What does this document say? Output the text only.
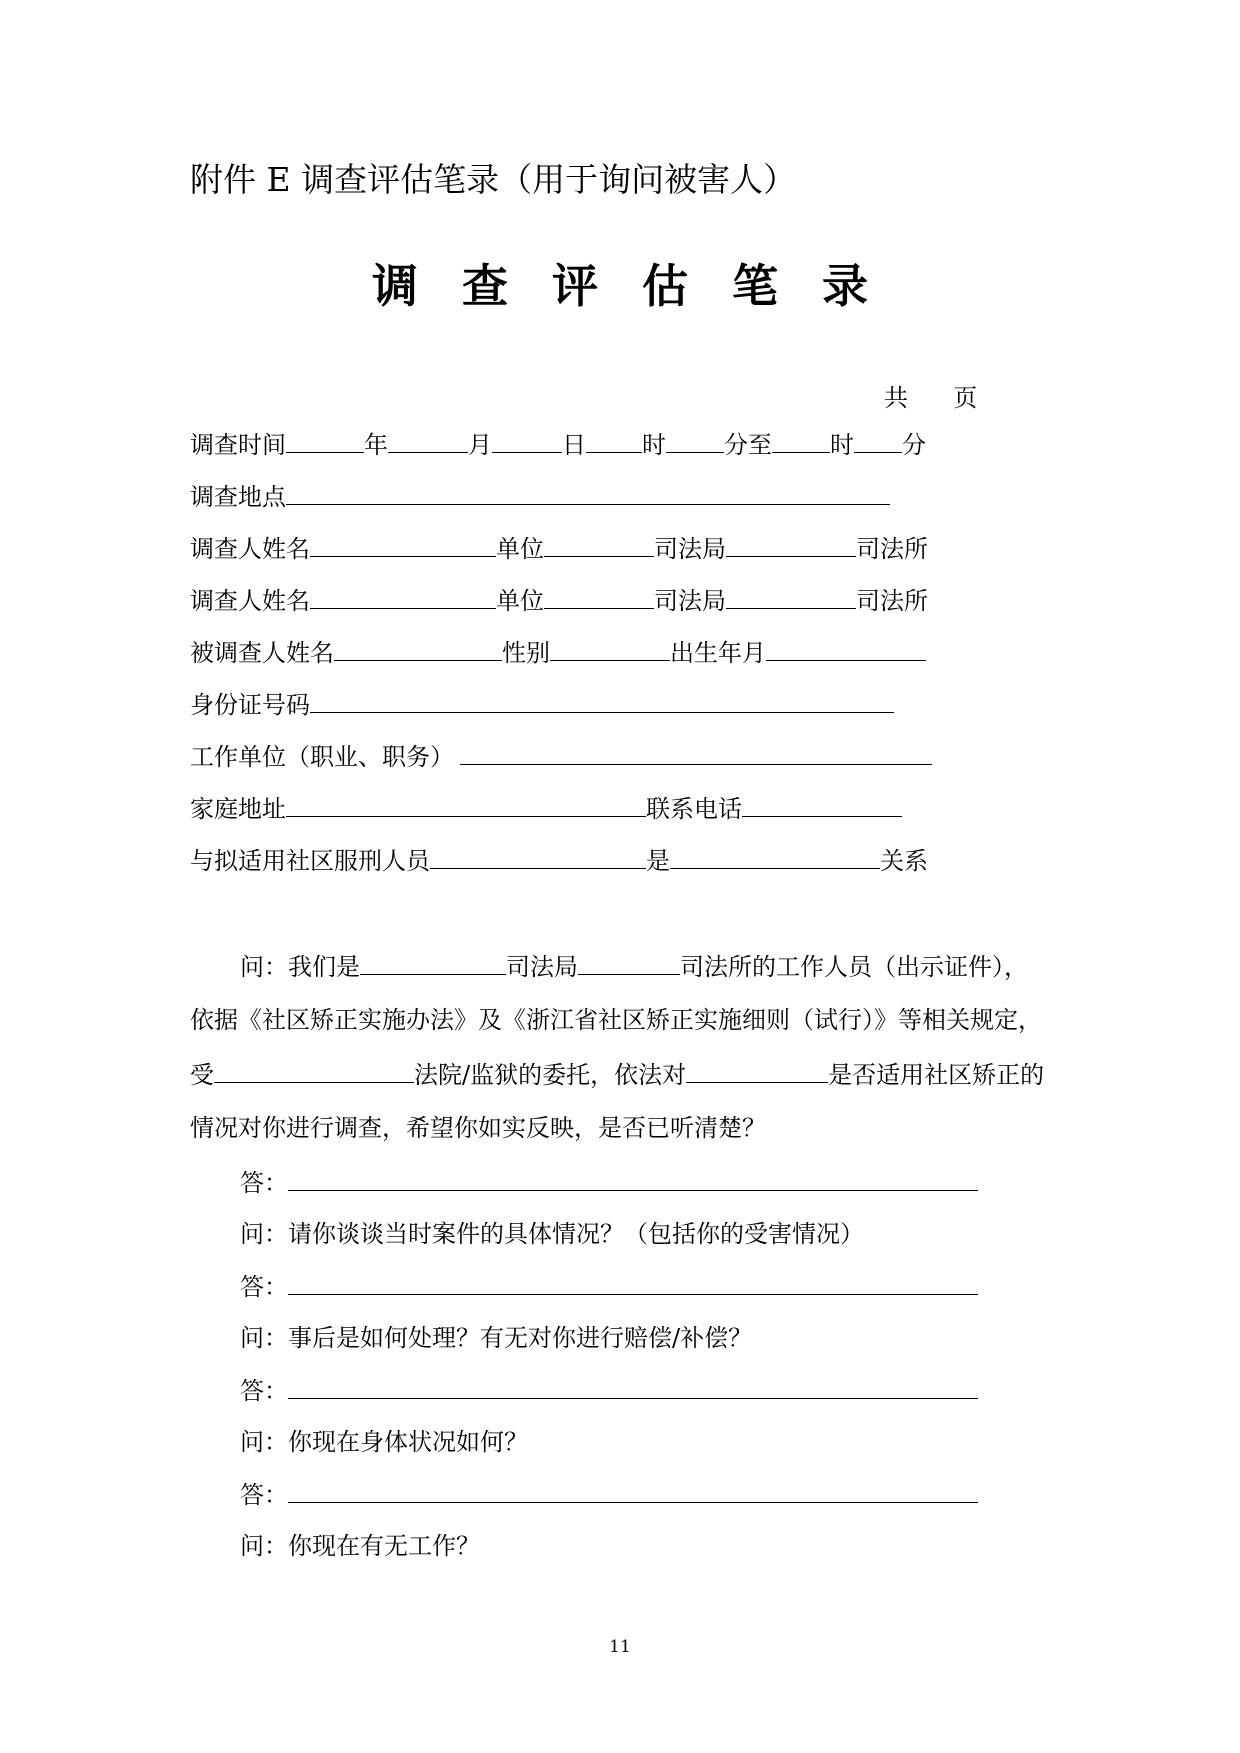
附件 E 调查评估笔录（用于询问被害人）
调查评估笔录
共 页
调查时间	年	月	日 时 分至 时 分
调查地点
调查人姓名	单位	司法局	司法所
调查人姓名	单位	司法局	司法所
被调查人姓名	性别	出生年月
身份证号码
工作单位（职业、职务）
家庭地址	联系电话
与拟适用社区服刑人员	是	关系
问：我们是	司法局	司法所的工作人员（出示证件），
依据《社区矫正实施办法》及《浙江省社区矫正实施细则（试行）》等相关规定，
受	法院/监狱的委托，依法对	是否适用社区矫正的
情况对你进行调查，希望你如实反映，是否已听清楚？
答：
问：请你谈谈当时案件的具体情况？（包括你的受害情况）
答：
问：事后是如何处理？有无对你进行赔偿/补偿？
答：
问：你现在身体状况如何？
答：
问：你现在有无工作？
11
